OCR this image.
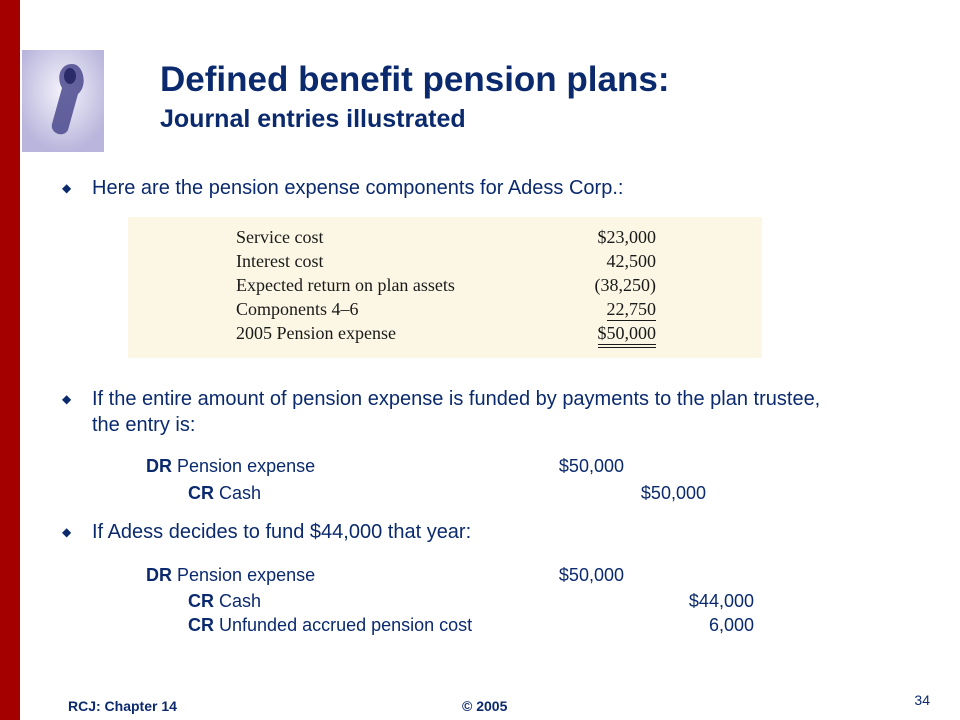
Defined benefit pension plans:
Journal entries illustrated
◆	Here are the pension expense components for Adess Corp.:
Service cost	$23,000
Interest cost	42,500
Expected return on plan assets	(38,250)
Components 4–6	22,750
2005 Pension expense	$50,000
◆	If the entire amount of pension expense is funded by payments to the plan trustee, the entry is:
DR Pension expense	$50,000
CR Cash	$50,000
◆	If Adess decides to fund $44,000 that year:
DR Pension expense	$50,000
CR Cash	$44,000
CR Unfunded accrued pension cost	6,000
RCJ: Chapter 14	© 2005	34
